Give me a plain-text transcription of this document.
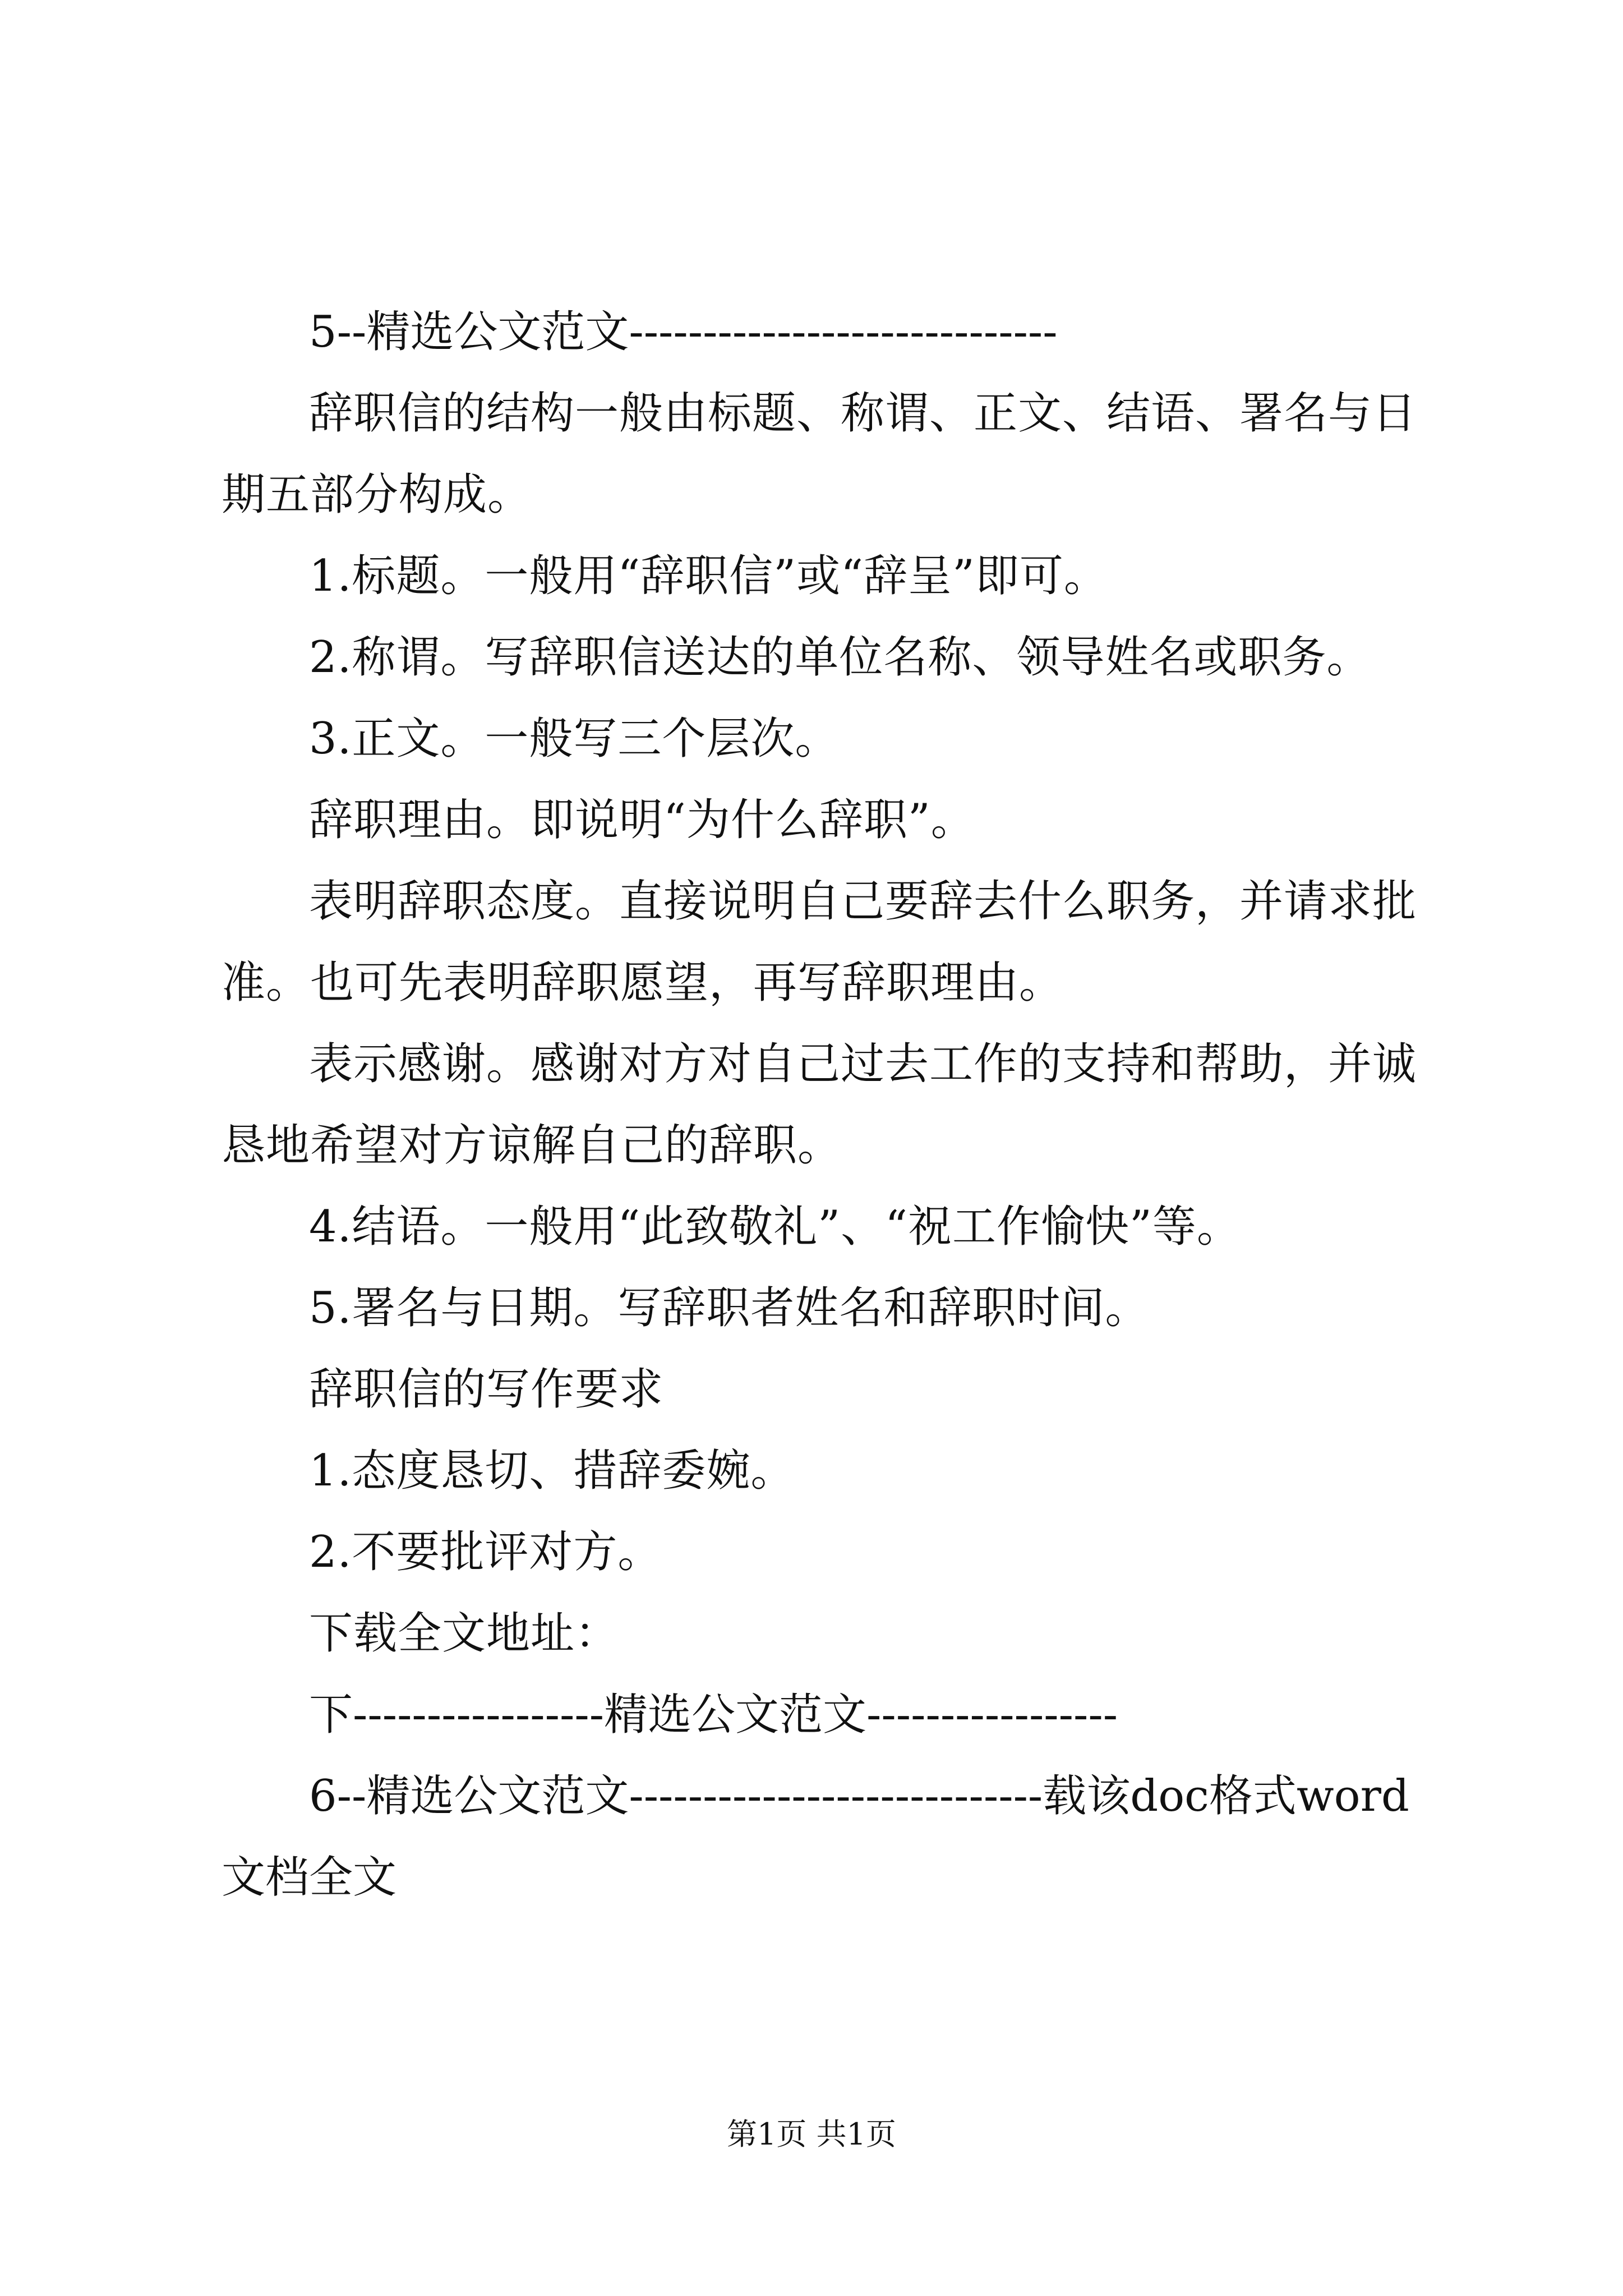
5--精选公文范文-----------------------------

辞职信的结构一般由标题、称谓、正文、结语、署名与日期五部分构成。

1.标题。一般用“辞职信”或“辞呈”即可。

2.称谓。写辞职信送达的单位名称、领导姓名或职务。

3.正文。一般写三个层次。

辞职理由。即说明“为什么辞职”。

表明辞职态度。直接说明自己要辞去什么职务，并请求批准。也可先表明辞职愿望，再写辞职理由。

表示感谢。感谢对方对自己过去工作的支持和帮助，并诚恳地希望对方谅解自己的辞职。

4.结语。一般用“此致敬礼”、“祝工作愉快”等。

5.署名与日期。写辞职者姓名和辞职时间。

辞职信的写作要求

1.态度恳切、措辞委婉。

2.不要批评对方。

下载全文地址：

下-----------------精选公文范文-----------------

6--精选公文范文----------------------------载该doc格式word文档全文

第1页 共1页
